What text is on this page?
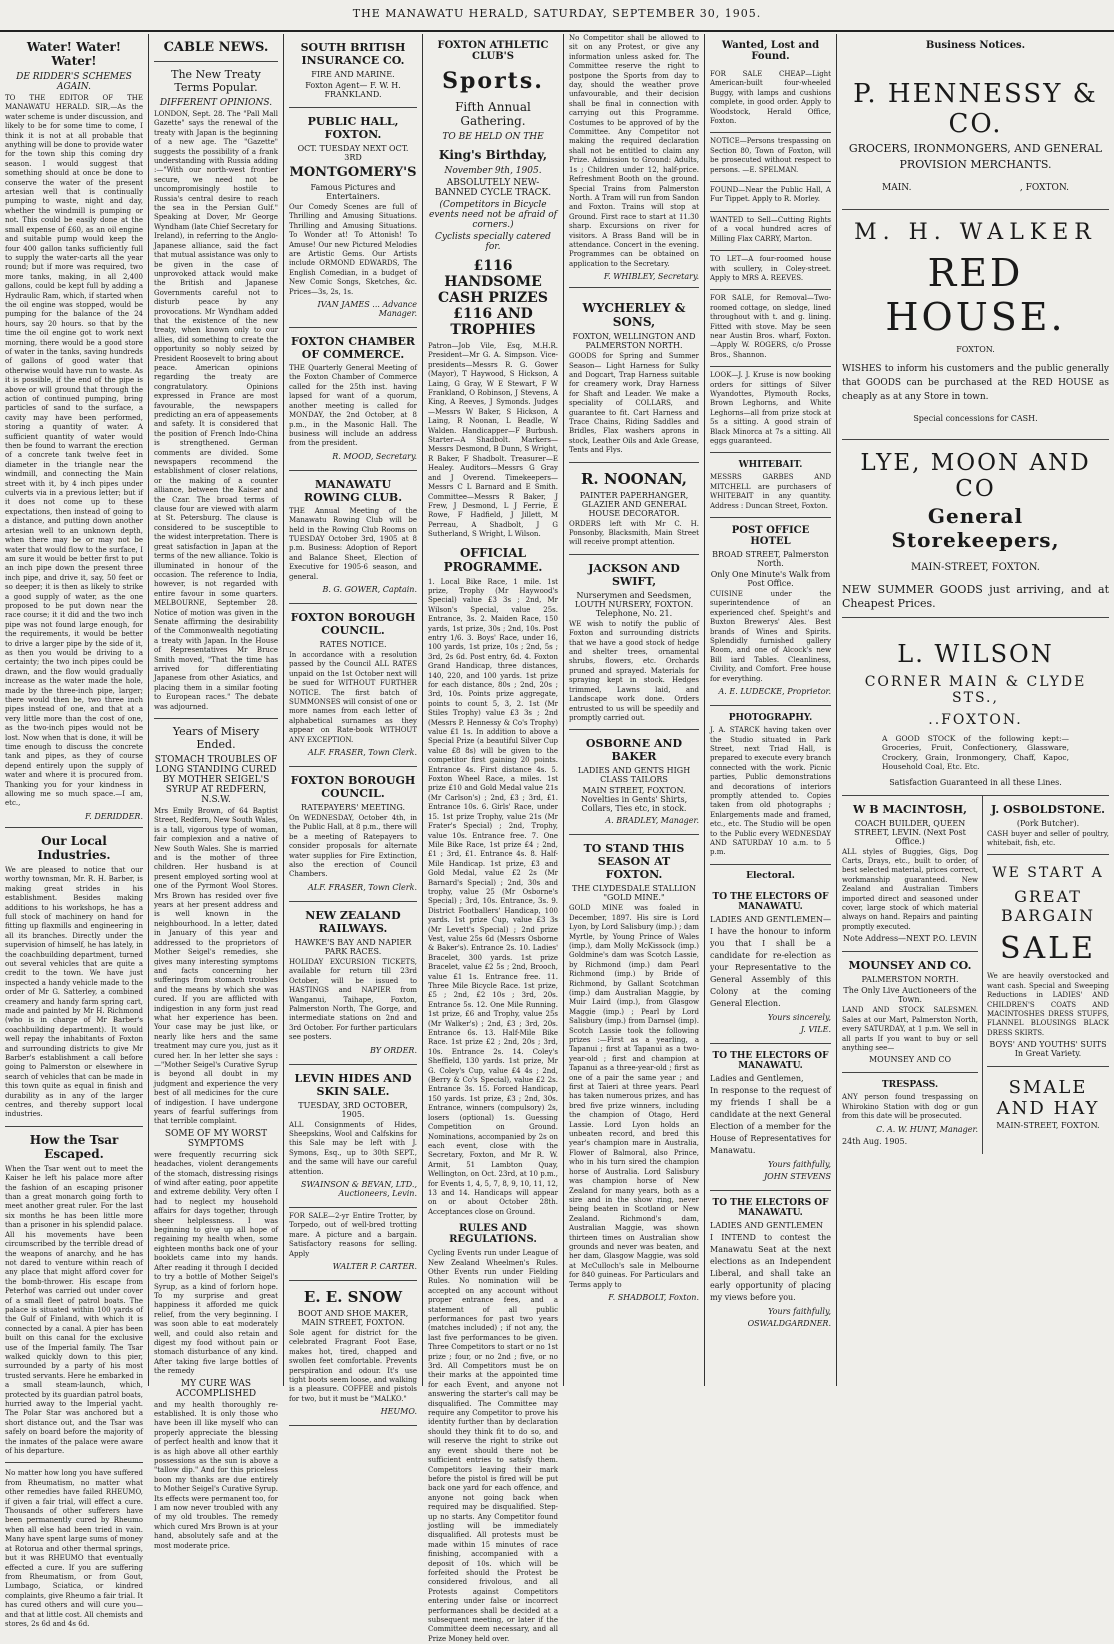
THE MANAWATU HERALD, SATURDAY, SEPTEMBER 30, 1905.
Water! Water! Water!
DE RIDDER'S SCHEMES AGAIN.

TO THE EDITOR OF THE MANAWATU HERALD. SIR,—As the water scheme is under discussion, and likely to be for some time to come, I think it is not at all probable that anything will be done to provide water for the town ship this coming dry season. I would suggest that something should at once be done to conserve the water of the present artesian well that is continually pumping to waste, night and day, whether the windmill is pumping or not. This could be easily done at the small expense of £60, as an oil engine and suitable pump would keep the four 400 gallon tanks sufficiently full to supply the water-carts all the year round; but if more was required, two more tanks, making, in all 2,400 gallons, could be kept full by adding a Hydraulic Ram, which, if started when the oil engine was stopped, would be pumping for the balance of the 24 hours, say 20 hours. so that by the time the oil engine got to work next morning, there would be a good store of water in the tanks, saving hundreds of gallons of good water that otherwise would have run to waste. As it is possible, if the end of the pipe is above or will ground that through the action of continued pumping, bring particles of sand to the surface, a cavity may have been performed, storing a quantity of water. A sufficient quantity of water would then be found to warrant the erection of a concrete tank twelve feet in diameter in the triangle near the windmill, and connecting the Main street with it, by 4 inch pipes under culverts via in a previous letter; but if it does not come up to these expectations, then instead of going to a distance, and putting down another artesian well to an unknown depth, when there may be or may not be water that would flow to the surface, I am sure it would be better first to put an inch pipe down the present three inch pipe, and drive it, say, 50 feet or so deeper; it is then as likely to strike a good supply of water, as the one proposed to be put down near the race course; it it did and the two inch pipe was not found large enough, for the requirements, it would be better to drive a larger pipe by the side of it, as then you would be driving to a certainty; the two inch pipes could be drawn, and the flow would gradually increase as the water made the hole, made by the three-inch pipe, larger; there would then be, two three inch pipes instead of one, and that at a very little more than the cost of one, as the two-inch pipes would not be lost. Now when that is done, it will be time enough to discuss the concrete tank and pipes, as they of course depend entirely upon the supply of water and where it is procured from. Thanking you for your kindness in allowing me so much space.—I am, etc.,

F. DERIDDER.
Our Local Industries.

We are pleased to notice that our worthy townsman, Mr. R. H. Barber, is making great strides in his establishment. Besides making additions to his workshops, he has a full stock of machinery on hand for fitting up flaxmills and engineering in all its branches. Directly under the supervision of himself, he has lately, in the coachbuilding department, turned out several vehicles that are quite a credit to the town. We have just inspected a handy vehicle made to the order of Mr G. Satterley, a combined creamery and handy farm spring cart, made and painted by Mr H. Richmond (who is in charge of Mr Barber's coachbuilding department). It would well repay the inhabitants of Foxton and surrounding districts to give Mr Barber's establishment a call before going to Palmerston or elsewhere in search of vehicles that can be made in this town quite as equal in finish and durability as in any of the larger centres, and thereby support local industries.

How the Tsar Escaped.

When the Tsar went out to meet the Kaiser he left his palace more after the fashion of an escaping prisoner than a great monarch going forth to meet another great ruler. For the last six months he has been little more than a prisoner in his splendid palace. All his movements have been circumscribed by the terrible dread of the weapons of anarchy, and he has not dared to venture within reach of any place that might afford cover for the bomb-thrower. His escape from Peterhof was carried out under cover of a small fleet of patrol boats. The palace is situated within 100 yards of the Gulf of Finland, with which it is connected by a canal. A pier has been built on this canal for the exclusive use of the Imperial family. The Tsar walked quickly down to this pier, surrounded by a party of his most trusted servants. Here he embarked in a small steam-launch, which, protected by its guardian patrol boats, hurried away to the Imperial yacht. The Polar Star was anchored but a short distance out, and the Tsar was safely on board before the majority of the inmates of the palace were aware of his departure.

No matter how long you have suffered from Rheumatism, no matter what other remedies have failed RHEUMO, if given a fair trial, will effect a cure. Thousands of other sufferers have been permanently cured by Rheumo when all else had been tried in vain. Many have spent large sums of money at Rotorua and other thermal springs, but it was RHEUMO that eventually effected a cure. If you are suffering from Rheumatism, or from Gout, Lumbago, Sciatica, or kindred complaints, give Rheumo a fair trial. It has cured others and will cure you—and that at little cost. All chemists and stores, 2s 6d and 4s 6d.

CABLE NEWS.
The New Treaty Terms Popular.
DIFFERENT OPINIONS.

LONDON, Sept. 28. The "Pall Mall Gazette" says the renewal of the treaty with Japan is the beginning of a new age. The "Gazette" suggests the possibility of a frank understanding with Russia adding :—"With our north-west frontier secure, we need not be uncompromisingly hostile to Russia's central desire to reach the sea in the Persian Gulf." Speaking at Dover, Mr George Wyndham (late Chief Secretary for Ireland), in referring to the Anglo-Japanese alliance, said the fact that mutual assistance was only to be given in the case of unprovoked attack would make the British and Japanese Governments careful not to disturb peace by any provocations. Mr Wyndham added that the existence of the new treaty, when known only to our allies, did something to create the opportunity so nobly seized by President Roosevelt to bring about peace. American opinions regarding the treaty are congratulatory. Opinions expressed in France are most favourable, the newspapers predicting an era of appeasements and safety. It is considered that the position of French Indo-China is strengthened. German comments are divided. Some newspapers recommend the establishment of closer relations, or the making of a counter alliance, between the Kaiser and the Czar. The broad terms of clause four are viewed with alarm at St. Petersburg. The clause is considered to be susceptible to the widest interpretation. There is great satisfaction in Japan at the terms of the new alliance. Tokio is illuminated in honour of the occasion. The reference to India, however, is not regarded with entire favour in some quarters. MELBOURNE, September 28. Notice of motion was given in the Senate affirming the desirability of the Commonwealth negotiating a treaty with Japan. In the House of Representatives Mr Bruce Smith moved, "That the time has arrived for differentiating Japanese from other Asiatics, and placing them in a similar footing to European races." The debate was adjourned.

Years of Misery Ended.
STOMACH TROUBLES OF LONG STANDING CURED BY MOTHER SEIGEL'S SYRUP AT REDFERN, N.S.W.

Mrs Emily Brown, of 64 Baptist Street, Redfern, New South Wales, is a tall, vigorous type of woman, fair complexion and a native of New South Wales. She is married and is the mother of three children. Her husband is at present employed sorting wool at one of the Pyrmont Wool Stores. Mrs Brown has resided over five years at her present address and is well known in the neighbourhood. In a letter, dated in January of this year and addressed to the proprietors of Mother Seigel's remedies, she gives many interesting symptoms and facts concerning her sufferings from stomach troubles and the means by which she was cured. If you are afflicted with indigestion in any form just read what her experience has been. Your case may be just like, or nearly like hers and the same treatment may cure you, just as it cured her. In her letter she says :—"Mother Seigel's Curative Syrup is beyond all doubt in my judgment and experience the very best of all medicines for the cure of indigestion. I have undergone years of fearful sufferings from that terrible complaint.

SOME OF MY WORST SYMPTOMS

were frequently recurring sick headaches, violent derangements of the stomach, distressing risings of wind after eating, poor appetite and extreme debility. Very often I had to neglect my household affairs for days together, through sheer helplessness. I was beginning to give up all hope of regaining my health when, some eighteen months back one of your booklets came into my hands. After reading it through I decided to try a bottle of Mother Seigel's Syrup, as a kind of forlorn hope. To my surprise and great happiness it afforded me quick relief, from the very beginning. I was soon able to eat moderately well, and could also retain and digest my food without pain or stomach disturbance of any kind. After taking five large bottles of the remedy

MY CURE WAS ACCOMPLISHED

and my health thoroughly re-established. It is only those who have been ill like myself who can properly appreciate the blessing of perfect health and know that it is as high above all other earthly possessions as the sun is above a "tallow dip." And for this priceless boon my thanks are due entirely to Mother Seigel's Curative Syrup. Its effects were permanent too, for I am now never troubled with any of my old troubles. The remedy which cured Mrs Brown is at your hand, absolutely safe and at the most moderate price.

SOUTH BRITISH INSURANCE CO.
FIRE AND MARINE.
Foxton Agent— F. W. H. FRANKLAND.
PUBLIC HALL, FOXTON.
OCT. TUESDAY NEXT OCT. 3RD
MONTGOMERY'S
Famous Pictures and Entertainers.

Our Comedy Scenes are full of Thrilling and Amusing Situations. Thrilling and Amusing Situations. To Wonder at! To Attonish! To Amuse! Our new Pictured Melodies are Artistic Gems. Our Artists include ORMOND EDWARDS, The English Comedian, in a budget of New Comic Songs, Sketches, &c. Prices—3s, 2s, 1s.

IVAN JAMES ... Advance Manager.
FOXTON CHAMBER OF COMMERCE.

THE Quarterly General Meeting of the Foxton Chamber of Commerce called for the 25th inst. having lapsed for want of a quorum, another meeting is called for MONDAY, the 2nd October, at 8 p.m., in the Masonic Hall. The business will include an address from the president.

R. MOOD, Secretary.
MANAWATU ROWING CLUB.

THE Annual Meeting of the Manawatu Rowing Club will be held in the Rowing Club Rooms on TUESDAY October 3rd, 1905 at 8 p.m. Business: Adoption of Report and Balance Sheet, Election of Executive for 1905-6 season, and general.

B. G. GOWER, Captain.
FOXTON BOROUGH COUNCIL.
RATES NOTICE.

In accordance with a resolution passed by the Council ALL RATES unpaid on the 1st October next will be sued for WITHOUT FURTHER NOTICE. The first batch of SUMMONSES will consist of one or more names from each letter of alphabetical surnames as they appear on Rate-book WITHOUT ANY EXCEPTION.

ALF. FRASER, Town Clerk.
FOXTON BOROUGH COUNCIL.
RATEPAYERS' MEETING.

On WEDNESDAY, October 4th, in the Public Hall, at 8 p.m., there will be a meeting of Ratepayers to consider proposals for alternate water supplies for Fire Extinction, also the erection of Council Chambers.

ALF. FRASER, Town Clerk.
NEW ZEALAND RAILWAYS.
HAWKE'S BAY AND NAPIER PARK RACES.

HOLIDAY EXCURSION TICKETS, available for return till 23rd October, will be issued to HASTINGS and NAPIER from Wanganui, Taihape, Foxton, Palmerston North, The Gorge, and intermediate stations on 2nd and 3rd October. For further particulars see posters.

BY ORDER.
LEVIN HIDES AND SKIN SALE.
TUESDAY, 3RD OCTOBER, 1905.

ALL Consignments of Hides, Sheepskins, Wool and Calfskins for this Sale may be left with J. Symons, Esq., up to 30th SEPT., and the same will have our careful attention.

SWAINSON & BEVAN, LTD., Auctioneers, Levin.

FOR SALE—2-yr Entire Trotter, by Torpedo, out of well-bred trotting mare. A picture and a bargain. Satisfactory reasons for selling. Apply

WALTER P. CARTER.
E. E. SNOW
BOOT AND SHOE MAKER, MAIN STREET, FOXTON.

Sole agent for district for the celebrated Fragrant Foot Ease, makes hot, tired, chapped and swollen feet comfortable. Prevents perspiration and odour. It's use tight boots seem loose, and walking is a pleasure. COFFEE and pistols for two, but it must be "MALKO."

HEUMO.
FOXTON ATHLETIC CLUB'S
Sports.
Fifth Annual Gathering.
TO BE HELD ON THE
King's Birthday,
November 9th, 1905.
ABSOLUTELY NEW-BANNED CYCLE TRACK.
(Competitors in Bicycle events need not be afraid of corners.)
Cyclists specially catered for.
£116 HANDSOME CASH PRIZES £116 AND TROPHIES

Patron—Job Vile, Esq, M.H.R. President—Mr G. A. Simpson. Vice-presidents—Messrs R. G. Gower (Mayor), T Haywood, S Hickson, A Laing, G Gray, W E Stewart, F W Frankland, O Robinson, J Stevens, A King, A Reeves, J Symonds. Judges—Messrs W Baker, S Hickson, A Laing, R Noonan, L Beadle, W Walden. Handicapper—F Burbush. Starter—A Shadbolt. Markers—Messrs Desmond, B Dunn, S Wright, R Baker, F Shadbolt. Treasurer—E Healey. Auditors—Messrs G Gray and J Overend. Timekeepers—Messrs C L Barnard and E Smith. Committee—Messrs R Baker, J Frew, J Desmond, L J Ferrie, E Rowe, F Hadfield, J Jillett, M Perreau, A Shadbolt, J G Sutherland, S Wright, L Wilson.

OFFICIAL PROGRAMME.

1. Local Bike Race, 1 mile. 1st prize, Trophy (Mr Haywood's Special) value £3 3s ; 2nd, Mr Wilson's Special, value 25s. Entrance, 3s. 2. Maiden Race, 150 yards, 1st prize, 30s ; 2nd, 10s. Post entry 1/6. 3. Boys' Race, under 16, 100 yards, 1st prize, 10s ; 2nd, 5s ; 3rd, 2s 6d. Post entry, 6d. 4. Foxton Grand Handicap, three distances, 140, 220, and 100 yards. 1st prize for each distance, 80s ; 2nd, 20s ; 3rd, 10s. Points prize aggregate, points to count 5, 3, 2. 1st (Mr Stiles Trophy) value £3 3s ; 2nd (Messrs P. Hennessy & Co's Trophy) value £1 1s. In addition to above a Special Prize (a beautiful Silver Cup value £8 8s) will be given to the competitor first gaining 20 points. Entrance 4s. First distance 4s. 5. Foxton Wheel Race, a miles. 1st prize £10 and Gold Medal value 21s (Mr Carlson's) ; 2nd, £3 ; 3rd, £1. Entrance 10s. 6. Girls' Race, under 15. 1st prize Trophy, value 21s (Mr Frater's Special) ; 2nd, Trophy, value 10s. Entrance free. 7. One Mile Bike Race, 1st prize £4 ; 2nd, £1 ; 3rd, £1. Entrance 4s. 8. Half-Mile Handicap. 1st prize, £3 and Gold Medal, value £2 2s (Mr Barnard's Special) ; 2nd, 30s and trophy, value 25 (Mr Osborne's Special) ; 3rd, 10s. Entrance, 3s. 9. District Footballers' Handicap, 100 yards. 1st prize Cup, value £3 3s (Mr Levett's Special) ; 2nd prize Vest, value 25s 6d (Messrs Osborne & Baker's). Entrance 2s. 10. Ladies' Bracelet, 300 yards. 1st prize Bracelet, value £2 5s ; 2nd, Brooch, value £1 1s. Entrance free. 11. Three Mile Bicycle Race. 1st prize, £5 ; 2nd, £2 10s ; 3rd, 20s. Entrance 5s. 12. One Mile Running. 1st prize, £6 and Trophy, value 25s (Mr Walker's) ; 2nd, £3 ; 3rd, 20s. Entrance 6s. 13. Half-Mile Bike Race. 1st prize £2 ; 2nd, 20s ; 3rd, 10s. Entrance 2s. 14. Coley's Sheffield, 130 yards. 1st prize, Mr G. Coley's Cup, value £4 4s ; 2nd, (Berry & Co's Special), value £2 2s. Entrance 3s. 15. Forced Handicap, 150 yards. 1st prize, £3 ; 2nd, 30s. Entrance, winners (compulsory) 2s, losers (optional) 1s. Guessing Competition on Ground. Nominations, accompanied by 2s on each event, close with the Secretary, Foxton, and Mr R. W. Armit, 51 Lambton Quay, Wellington, on Oct. 23rd, at 10 p.m., for Events 1, 4, 5, 7, 8, 9, 10, 11, 12, 13 and 14. Handicaps will appear on or about October 28th. Acceptances close on Ground.

RULES AND REGULATIONS.

Cycling Events run under League of New Zealand Wheelmen's Rules. Other Events run under Fielding Rules. No nomination will be accepted on any account without proper entrance fees, and a statement of all public performances for past two years (matches included) ; if not any, the last five performances to be given. Three Competitors to start or no 1st prize ; four, or no 2nd ; five, or no 3rd. All Competitors must be on their marks at the appointed time for each Event, and anyone not answering the starter's call may be disqualified. The Committee may require any Competitor to prove his identity further than by declaration should they think fit to do so, and will reserve the right to strike out any event should there not be sufficient entries to satisfy them. Competitors leaving their mark before the pistol is fired will be put back one yard for each offence, and anyone not going back when required may be disqualified. Step-up no starts. Any Competitor found jostling will be immediately disqualified. All protests must be made within 15 minutes of race finishing, accompanied with a deposit of 10s. which will be forfeited should the Protest be considered frivolous, and all Protests against Competitors entering under false or incorrect performances shall be decided at a subsequent meeting, or later if the Committee deem necessary, and all Prize Money held over.

No Competitor shall be allowed to sit on any Protest, or give any information unless asked for. The Committee reserve the right to postpone the Sports from day to day, should the weather prove unfavourable, and their decision shall be final in connection with carrying out this Programme. Costumes to be approved of by the Committee. Any Competitor not making the required declaration shall not be entitled to claim any Prize. Admission to Ground: Adults, 1s ; Children under 12, half-price. Refreshment Booth on the ground. Special Trains from Palmerston North. A Tram will run from Sandon and Foxton. Trains will stop at Ground. First race to start at 11.30 sharp. Excursions on river for visitors. A Brass Band will be in attendance. Concert in the evening. Programmes can be obtained on application to the Secretary.

F. WHIBLEY, Secretary.
WYCHERLEY & SONS,
FOXTON, WELLINGTON AND PALMERSTON NORTH.

GOODS for Spring and Summer Season— Light Harness for Sulky and Dogcart, Trap Harness suitable for creamery work, Dray Harness for Shaft and Leader. We make a speciality of COLLARS, and guarantee to fit. Cart Harness and Trace Chains, Riding Saddles and Bridles, Flax washers aprons in stock, Leather Oils and Axle Grease, Tents and Flys.

R. NOONAN,
PAINTER PAPERHANGER, GLAZIER AND GENERAL HOUSE DECORATOR.

ORDERS left with Mr C. H. Ponsonby, Blacksmith, Main Street will receive prompt attention.

JACKSON AND SWIFT,
Nurserymen and Seedsmen, LOUTH NURSERY, FOXTON. Telephone, No. 21.

WE wish to notify the public of Foxton and surrounding districts that we have a good stock of hedge and shelter trees, ornamental shrubs, flowers, etc. Orchards pruned and sprayed. Materials for spraying kept in stock. Hedges trimmed, Lawns laid, and Landscape work done. Orders entrusted to us will be speedily and promptly carried out.

OSBORNE AND BAKER
LADIES AND GENTS HIGH CLASS TAILORS
MAIN STREET, FOXTON. Novelties in Gents' Shirts, Collars, Ties etc, in stock.
A. BRADLEY, Manager.
TO STAND THIS SEASON AT FOXTON.
THE CLYDESDALE STALLION "GOLD MINE."

GOLD MINE was foaled in December, 1897. His sire is Lord Lyon, by Lord Salisbury (imp.) ; dam Myrtle, by Young Prince of Wales (imp.), dam Molly McKissock (imp.) Goldmine's dam was Scotch Lassie, by Richmond (imp.) dam Pearl Richmond (imp.) by Bride of Richmond, by Gallant Scotchman (imp.) dam Australian Maggie, by Muir Laird (imp.), from Glasgow Maggie (imp.) ; Pearl by Lord Salisbury (imp.) from Darnsel (imp). Scotch Lassie took the following prizes :—First as a yearling, a Tapanui ; first at Tapanui as a two-year-old ; first and champion at Tapanui as a three-year-old ; first as one of a pair the same year ; and first at Taieri at three years. Pearl has taken numerous prizes, and has bred five prize winners, including the champion of Otago, Herd Lassie. Lord Lyon holds an unbeaten record, and bred this year's champion mare in Australia, Flower of Balmoral, also Prince, who in his turn sired the champion horse of Australia. Lord Salisbury was champion horse of New Zealand for many years, both as a sire and in the show ring, never being beaten in Scotland or New Zealand. Richmond's dam, Australian Maggie, was shown thirteen times on Australian show grounds and never was beaten, and her dam, Glasgow Maggie, was sold at McCulloch's sale in Melbourne for 840 guineas. For Particulars and Terms apply to

F. SHADBOLT, Foxton.
Wanted, Lost and Found.

FOR SALE CHEAP—Light American-built four-wheeled Buggy, with lamps and cushions complete, in good order. Apply to Woodstock, Herald Office, Foxton.

NOTICE—Persons trespassing on Section 80, Town of Foxton, will be prosecuted without respect to persons. —E. SPELMAN.

FOUND—Near the Public Hall, A Fur Tippet. Apply to R. Morley.

WANTED to Sell—Cutting Rights of a vocal hundred acres of Milling Flax CARRY, Marton.

TO LET—A four-roomed house with scullery, in Coley-street. Apply to MRS A. REEVES.

FOR SALE, for Removal—Two-roomed cottage, on sledge, lined throughout with t. and g. lining. Fitted with stove. May be seen near Austin Bros. wharf, Foxton.—Apply W. ROGERS, c/o Prosse Bros., Shannon.

LOOK—J. J. Kruse is now booking orders for sittings of Silver Wyandottes, Plymouth Rocks, Brown Leghorns, and White Leghorns—all from prize stock at 5s a sitting. A good strain of Black Minorca at 7s a sitting. All eggs guaranteed.

WHITEBAIT.

MESSRS GARBES AND MITCHELL are purchasers of WHITEBAIT in any quantity. Address : Duncan Street, Foxton.

POST OFFICE HOTEL
BROAD STREET, Palmerston North.
Only One Minute's Walk from Post Office.

CUISINE under the superintendence of an experienced chef. Speight's and Buxton Brewerys' Ales. Best brands of Wines and Spirits. Splendidly furnished gallery Room, and one of Alcock's new Bill iard Tables. Cleanliness, Civility, and Comfort. Free house for everything.

A. E. LUDECKE, Proprietor.
PHOTOGRAPHY.

J. A. STARCK having taken over the Studio situated in Park Street, next Triad Hall, is prepared to execute every branch connected with the work. Picnic parties, Public demonstrations and decorations of interiors promptly attended to. Copies taken from old photographs ; Enlargements made and framed, etc., etc. The Studio will be open to the Public every WEDNESDAY AND SATURDAY 10 a.m. to 5 p.m.

Electoral.
TO THE ELECTORS OF MANAWATU.
LADIES AND GENTLEMEN—
I have the honour to inform you that I shall be a candidate for re-election as your Representative to the General Assembly of this Colony at the coming General Election.
Yours sincerely,
J. VILE.
TO THE ELECTORS OF MANAWATU.
Ladies and Gentlemen,
In response to the request of my friends I shall be a candidate at the next General Election of a member for the House of Representatives for Manawatu.
Yours faithfully,
JOHN STEVENS
TO THE ELECTORS OF MANAWATU.
LADIES AND GENTLEMEN
I INTEND to contest the Manawatu Seat at the next elections as an Independent Liberal, and shall take an early opportunity of placing my views before you.
Yours faithfully,
OSWALDGARDNER.
Business Notices.
P. HENNESSY & CO.
GROCERS, IRONMONGERS, AND GENERAL PROVISION MERCHANTS.
MAIN.	, FOXTON.
M. H. WALKER
RED HOUSE.
FOXTON.
WISHES to inform his customers and the public generally that GOODS can be purchased at the RED HOUSE as cheaply as at any Store in town.
Special concessions for CASH.
LYE, MOON AND CO
General Storekeepers,
MAIN-STREET, FOXTON.
NEW SUMMER GOODS just arriving, and at Cheapest Prices.
L. WILSON
CORNER MAIN & CLYDE STS.,
..FOXTON.

A GOOD STOCK of the following kept:— Groceries, Fruit, Confectionery, Glassware, Crockery, Grain, Ironmongery, Chaff, Kapoc, Household Coal, Etc. Etc.

Satisfaction Guaranteed in all these Lines.
W B MACINTOSH,
COACH BUILDER, QUEEN STREET, LEVIN. (Next Post Office.)

ALL styles of Buggies, Gigs, Dog Carts, Drays, etc., built to order, of best selected material, prices correct, workmanship guaranteed. New Zealand and Australian Timbers imported direct and seasoned under cover, large stock of which material always on hand. Repairs and painting promptly executed.

Note Address—NEXT P.O. LEVIN
MOUNSEY AND CO.
PALMERSTON NORTH.
The Only Live Auctioneers of the Town.

LAND AND STOCK SALESMEN. Sales at our Mart, Palmerston North, every SATURDAY, at 1 p.m. We sell in all parts If you want to buy or sell anything see—

MOUNSEY AND CO
TRESPASS.

ANY person found trespassing on Whirokino Station with dog or gun from this date will be prosecuted.

C. A. W. HUNT, Manager.
24th Aug. 1905.
J. OSBOLDSTONE.
(Pork Butcher).

CASH buyer and seller of poultry, whitebait, fish, etc.

WE START A
GREAT BARGAIN
SALE

We are heavily overstocked and want cash. Special and Sweeping Reductions in LADIES' AND CHILDREN'S COATS AND MACINTOSHES DRESS STUFFS, FLANNEL BLOUSINGS BLACK DRESS SKIRTS.

BOYS' AND YOUTHS' SUITS In Great Variety.
SMALE AND HAY
MAIN-STREET, FOXTON.
